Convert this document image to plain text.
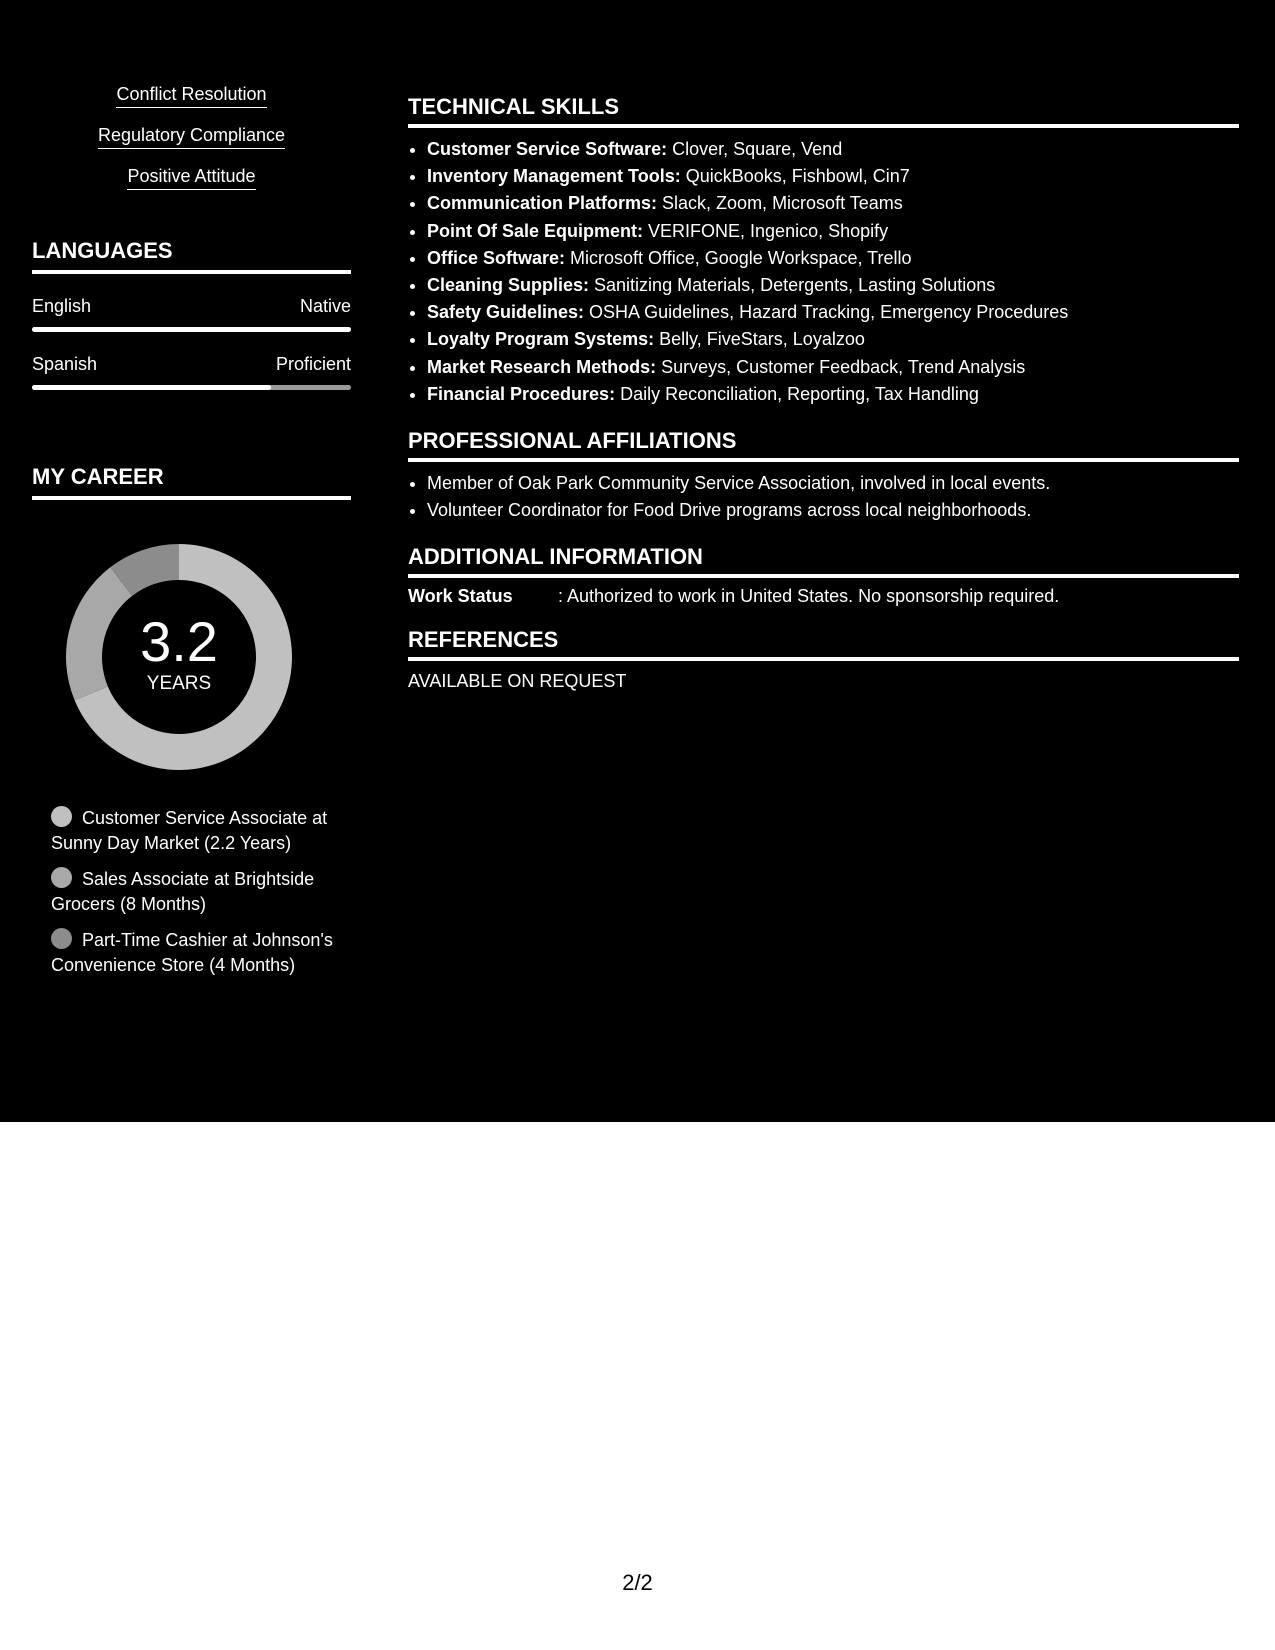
Conflict Resolution
Regulatory Compliance
Positive Attitude
LANGUAGES
English	Native
Spanish	Proficient
MY CAREER
3.2
YEARS
Customer Service Associate at Sunny Day Market (2.2 Years)
Sales Associate at Brightside Grocers (8 Months)
Part-Time Cashier at Johnson's Convenience Store (4 Months)
TECHNICAL SKILLS
• Customer Service Software: Clover, Square, Vend
• Inventory Management Tools: QuickBooks, Fishbowl, Cin7
• Communication Platforms: Slack, Zoom, Microsoft Teams
• Point Of Sale Equipment: VERIFONE, Ingenico, Shopify
• Office Software: Microsoft Office, Google Workspace, Trello
• Cleaning Supplies: Sanitizing Materials, Detergents, Lasting Solutions
• Safety Guidelines: OSHA Guidelines, Hazard Tracking, Emergency Procedures
• Loyalty Program Systems: Belly, FiveStars, Loyalzoo
• Market Research Methods: Surveys, Customer Feedback, Trend Analysis
• Financial Procedures: Daily Reconciliation, Reporting, Tax Handling
PROFESSIONAL AFFILIATIONS
• Member of Oak Park Community Service Association, involved in local events.
• Volunteer Coordinator for Food Drive programs across local neighborhoods.
ADDITIONAL INFORMATION
Work Status	: Authorized to work in United States. No sponsorship required.
REFERENCES
AVAILABLE ON REQUEST
2/2
